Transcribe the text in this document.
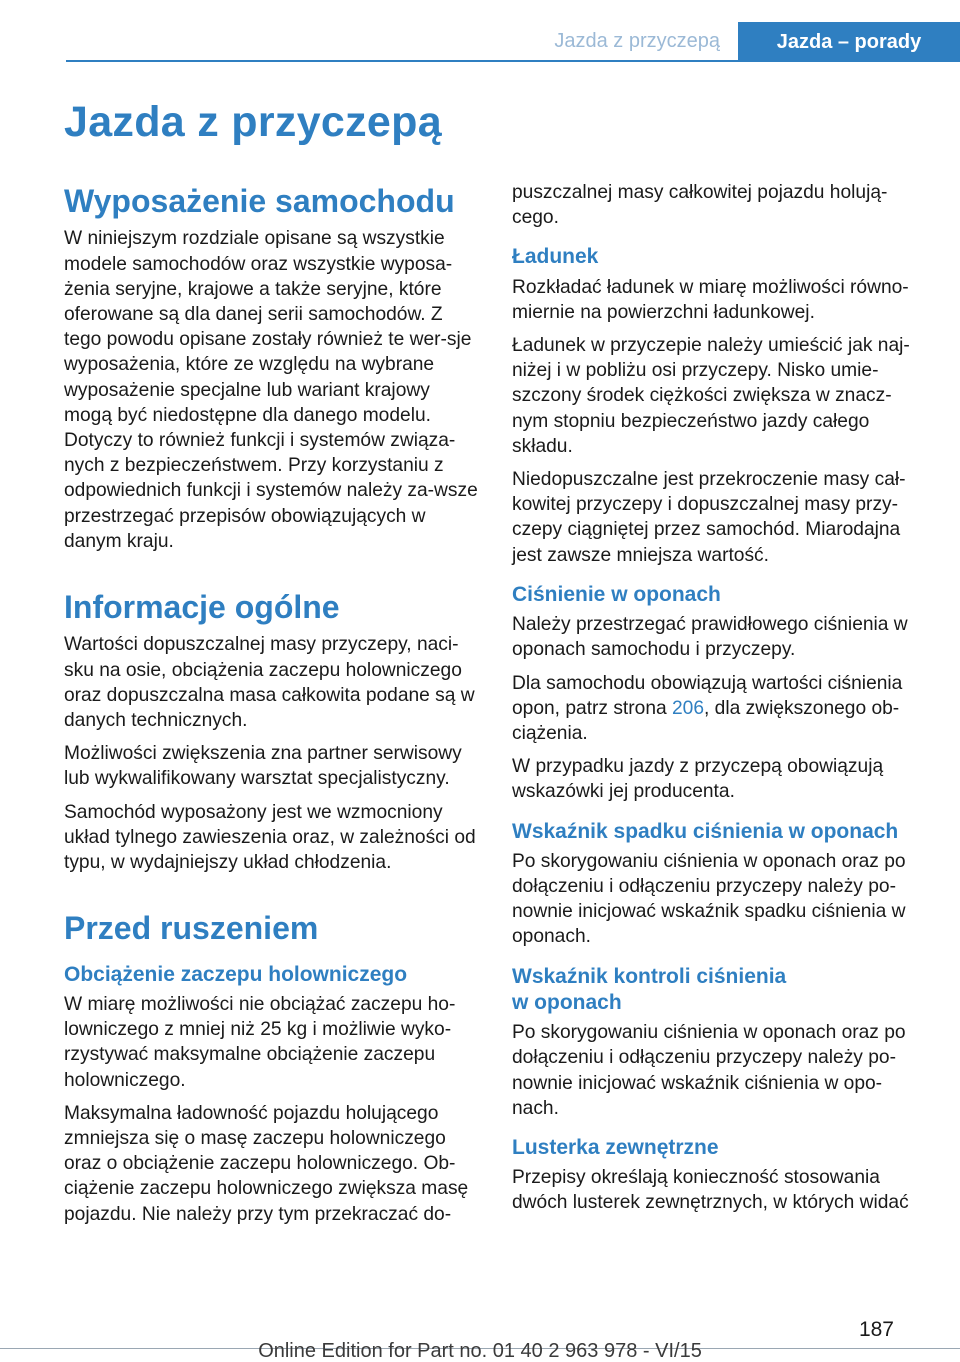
Jazda z przyczepą	Jazda – porady
Jazda z przyczepą
Wyposażenie samochodu

W niniejszym rozdziale opisane są wszystkie modele samochodów oraz wszystkie wyposa‐żenia seryjne, krajowe a także seryjne, które oferowane są dla danej serii samochodów. Z tego powodu opisane zostały również te wer‐sje wyposażenia, które ze względu na wybrane wyposażenie specjalne lub wariant krajowy mogą być niedostępne dla danego modelu. Dotyczy to również funkcji i systemów związa‐nych z bezpieczeństwem. Przy korzystaniu z odpowiednich funkcji i systemów należy za‐wsze przestrzegać przepisów obowiązujących w danym kraju.

Informacje ogólne

Wartości dopuszczalnej masy przyczepy, naci‐sku na osie, obciążenia zaczepu holowniczego oraz dopuszczalna masa całkowita podane są w danych technicznych.

Możliwości zwiększenia zna partner serwisowy lub wykwalifikowany warsztat specjalistyczny.

Samochód wyposażony jest we wzmocniony układ tylnego zawieszenia oraz, w zależności od typu, w wydajniejszy układ chłodzenia.

Przed ruszeniem
Obciążenie zaczepu holowniczego

W miarę możliwości nie obciążać zaczepu ho‐lowniczego z mniej niż 25 kg i możliwie wyko‐rzystywać maksymalne obciążenie zaczepu holowniczego.

Maksymalna ładowność pojazdu holującego zmniejsza się o masę zaczepu holowniczego oraz o obciążenie zaczepu holowniczego. Ob‐ciążenie zaczepu holowniczego zwiększa masę pojazdu. Nie należy przy tym przekraczać do‐

puszczalnej masy całkowitej pojazdu holują‐cego.

Ładunek

Rozkładać ładunek w miarę możliwości równo‐miernie na powierzchni ładunkowej.

Ładunek w przyczepie należy umieścić jak naj‐niżej i w pobliżu osi przyczepy. Nisko umie‐szczony środek ciężkości zwiększa w znacz‐nym stopniu bezpieczeństwo jazdy całego składu.

Niedopuszczalne jest przekroczenie masy cał‐kowitej przyczepy i dopuszczalnej masy przy‐czepy ciągniętej przez samochód. Miarodajna jest zawsze mniejsza wartość.

Ciśnienie w oponach

Należy przestrzegać prawidłowego ciśnienia w oponach samochodu i przyczepy.

Dla samochodu obowiązują wartości ciśnienia opon, patrz strona 206, dla zwiększonego ob‐ciążenia.

W przypadku jazdy z przyczepą obowiązują wskazówki jej producenta.

Wskaźnik spadku ciśnienia w oponach

Po skorygowaniu ciśnienia w oponach oraz po dołączeniu i odłączeniu przyczepy należy po‐nownie inicjować wskaźnik spadku ciśnienia w oponach.

Wskaźnik kontroli ciśnienia
w oponach

Po skorygowaniu ciśnienia w oponach oraz po dołączeniu i odłączeniu przyczepy należy po‐nownie inicjować wskaźnik ciśnienia w opo‐nach.

Lusterka zewnętrzne

Przepisy określają konieczność stosowania dwóch lusterek zewnętrznych, w których widać

187
Online Edition for Part no. 01 40 2 963 978 - VI/15
